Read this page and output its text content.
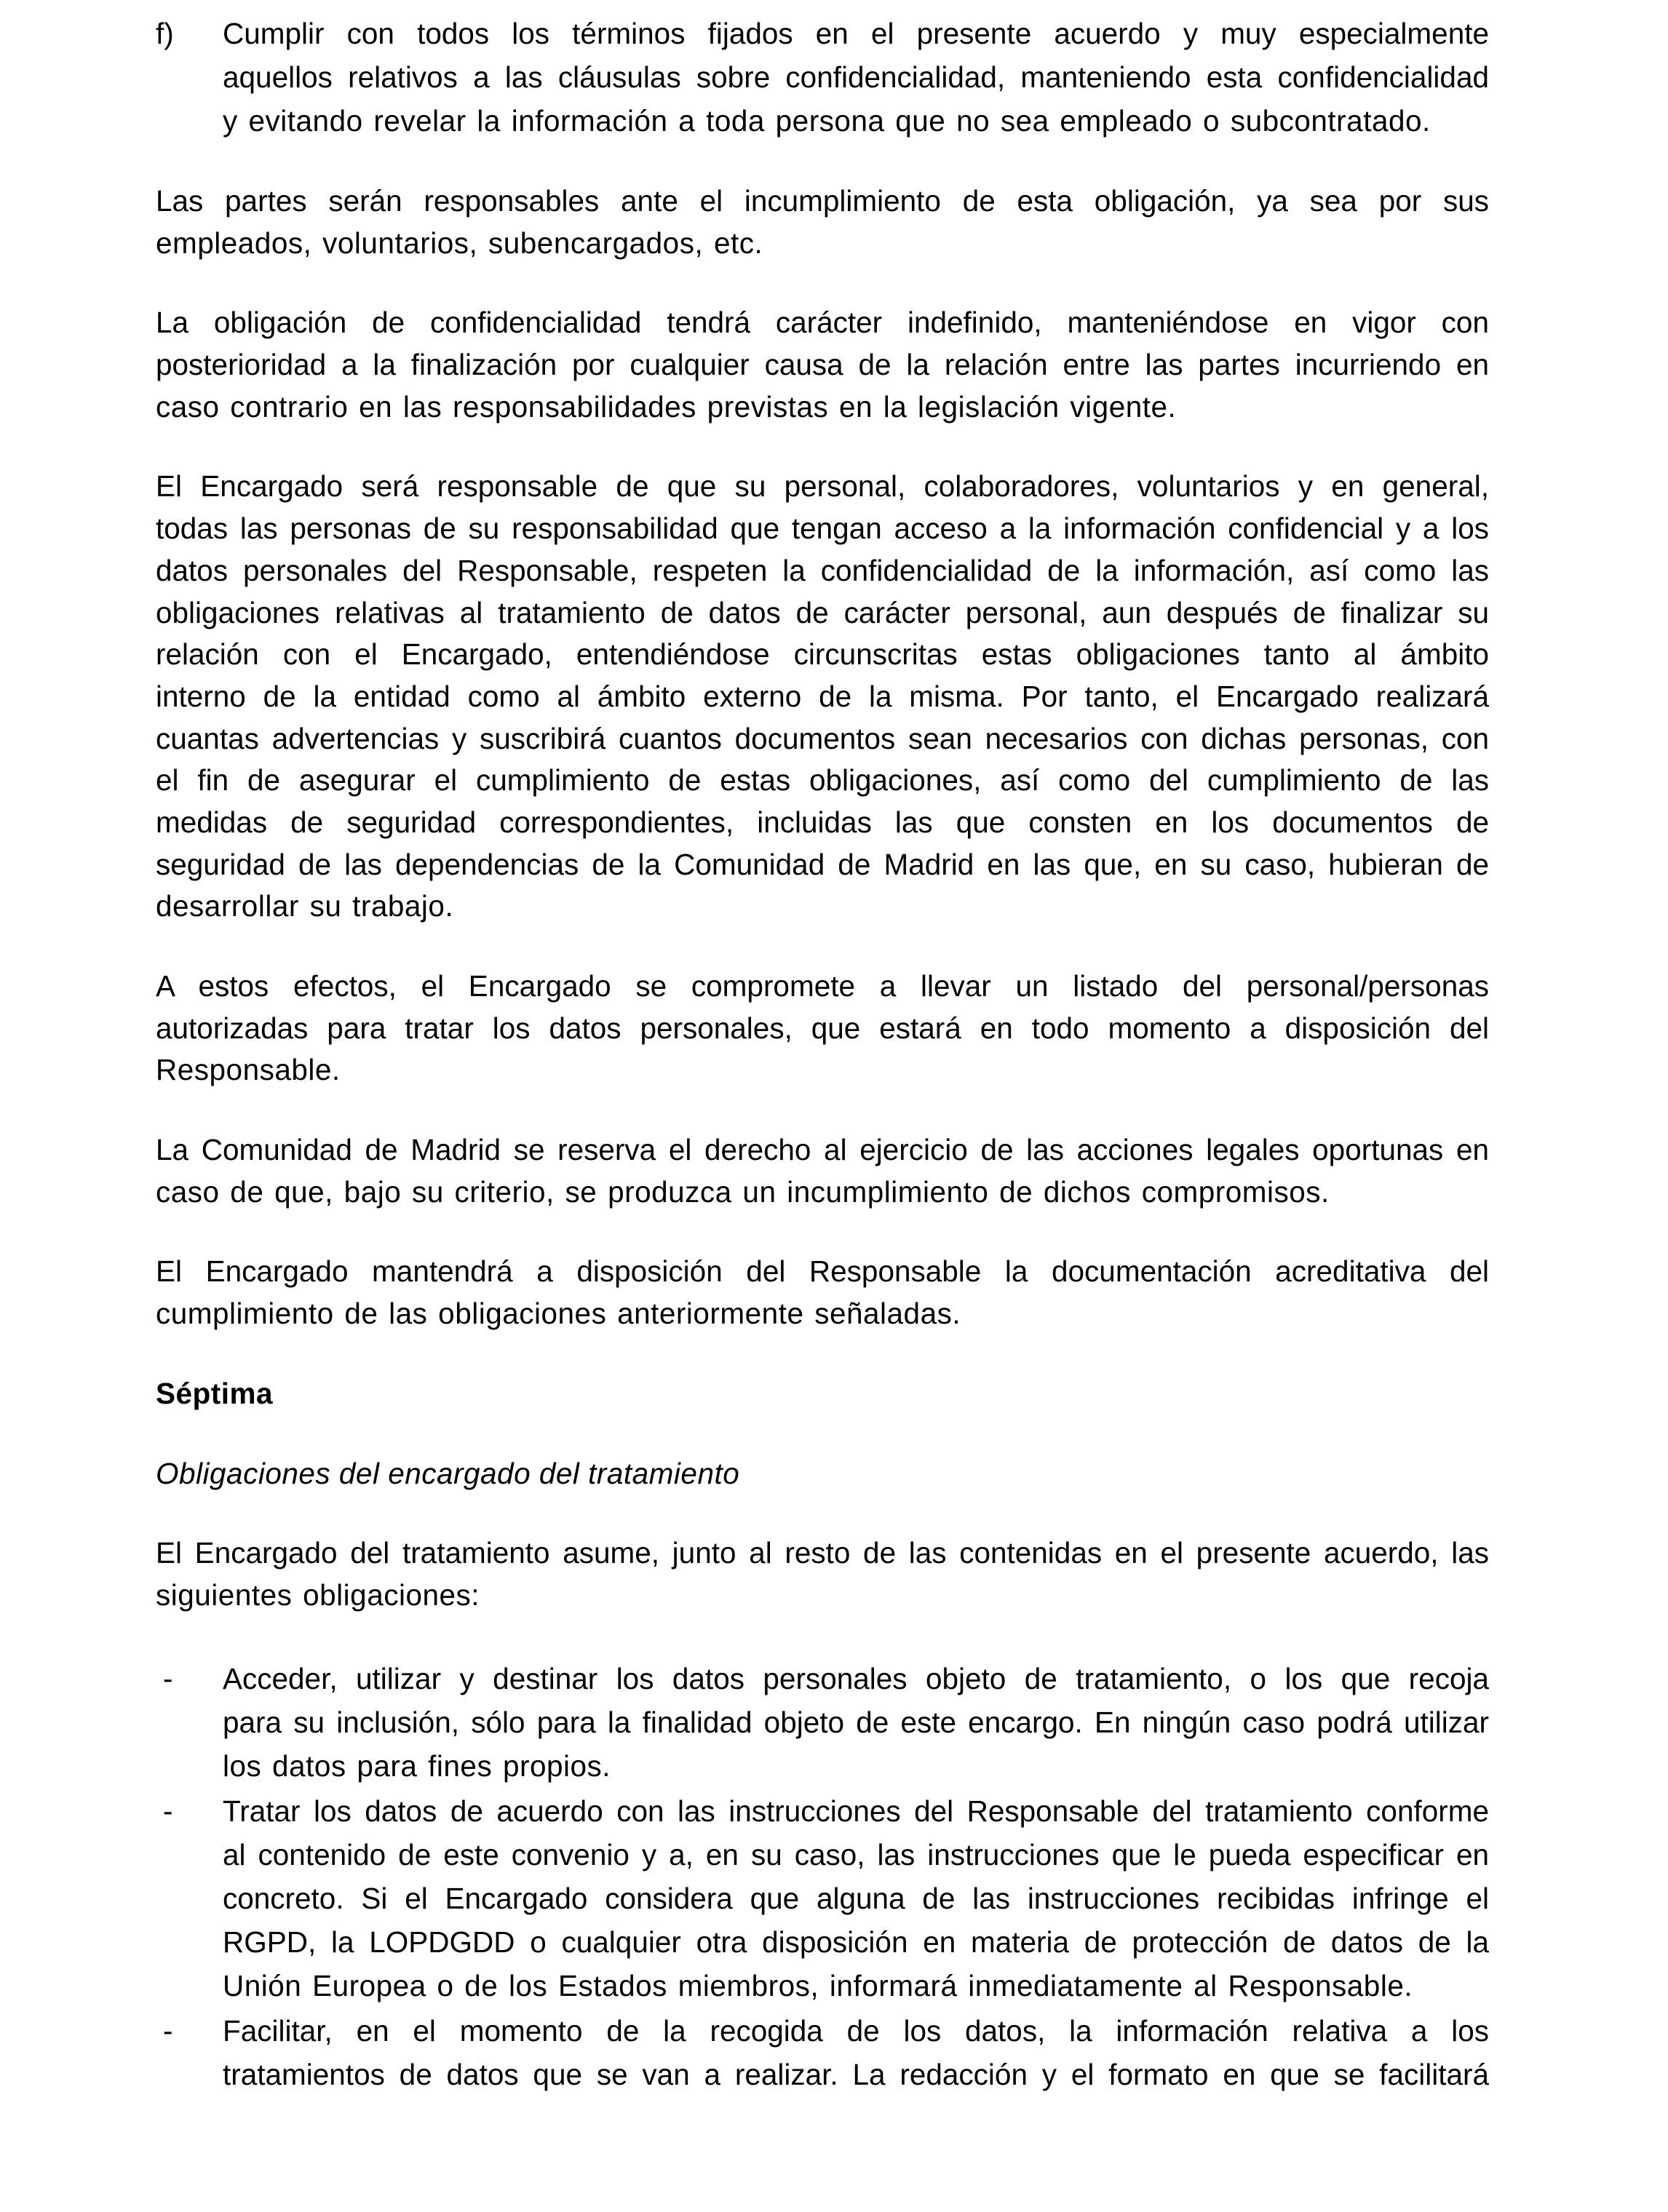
f) Cumplir con todos los términos fijados en el presente acuerdo y muy especialmente
aquellos relativos a las cláusulas sobre confidencialidad, manteniendo esta confidencialidad
y evitando revelar la información a toda persona que no sea empleado o subcontratado.
Las partes serán responsables ante el incumplimiento de esta obligación, ya sea por sus
empleados, voluntarios, subencargados, etc.
La obligación de confidencialidad tendrá carácter indefinido, manteniéndose en vigor con
posterioridad a la finalización por cualquier causa de la relación entre las partes incurriendo en
caso contrario en las responsabilidades previstas en la legislación vigente.
El Encargado será responsable de que su personal, colaboradores, voluntarios y en general,
todas las personas de su responsabilidad que tengan acceso a la información confidencial y a los
datos personales del Responsable, respeten la confidencialidad de la información, así como las
obligaciones relativas al tratamiento de datos de carácter personal, aun después de finalizar su
relación con el Encargado, entendiéndose circunscritas estas obligaciones tanto al ámbito
interno de la entidad como al ámbito externo de la misma. Por tanto, el Encargado realizará
cuantas advertencias y suscribirá cuantos documentos sean necesarios con dichas personas, con
el fin de asegurar el cumplimiento de estas obligaciones, así como del cumplimiento de las
medidas de seguridad correspondientes, incluidas las que consten en los documentos de
seguridad de las dependencias de la Comunidad de Madrid en las que, en su caso, hubieran de
desarrollar su trabajo.
A estos efectos, el Encargado se compromete a llevar un listado del personal/personas
autorizadas para tratar los datos personales, que estará en todo momento a disposición del
Responsable.
La Comunidad de Madrid se reserva el derecho al ejercicio de las acciones legales oportunas en
caso de que, bajo su criterio, se produzca un incumplimiento de dichos compromisos.
El Encargado mantendrá a disposición del Responsable la documentación acreditativa del
cumplimiento de las obligaciones anteriormente señaladas.
Séptima
Obligaciones del encargado del tratamiento
El Encargado del tratamiento asume, junto al resto de las contenidas en el presente acuerdo, las
siguientes obligaciones:
- Acceder, utilizar y destinar los datos personales objeto de tratamiento, o los que recoja
para su inclusión, sólo para la finalidad objeto de este encargo. En ningún caso podrá utilizar
los datos para fines propios.
- Tratar los datos de acuerdo con las instrucciones del Responsable del tratamiento conforme
al contenido de este convenio y a, en su caso, las instrucciones que le pueda especificar en
concreto. Si el Encargado considera que alguna de las instrucciones recibidas infringe el
RGPD, la LOPDGDD o cualquier otra disposición en materia de protección de datos de la
Unión Europea o de los Estados miembros, informará inmediatamente al Responsable.
- Facilitar, en el momento de la recogida de los datos, la información relativa a los
tratamientos de datos que se van a realizar. La redacción y el formato en que se facilitará
